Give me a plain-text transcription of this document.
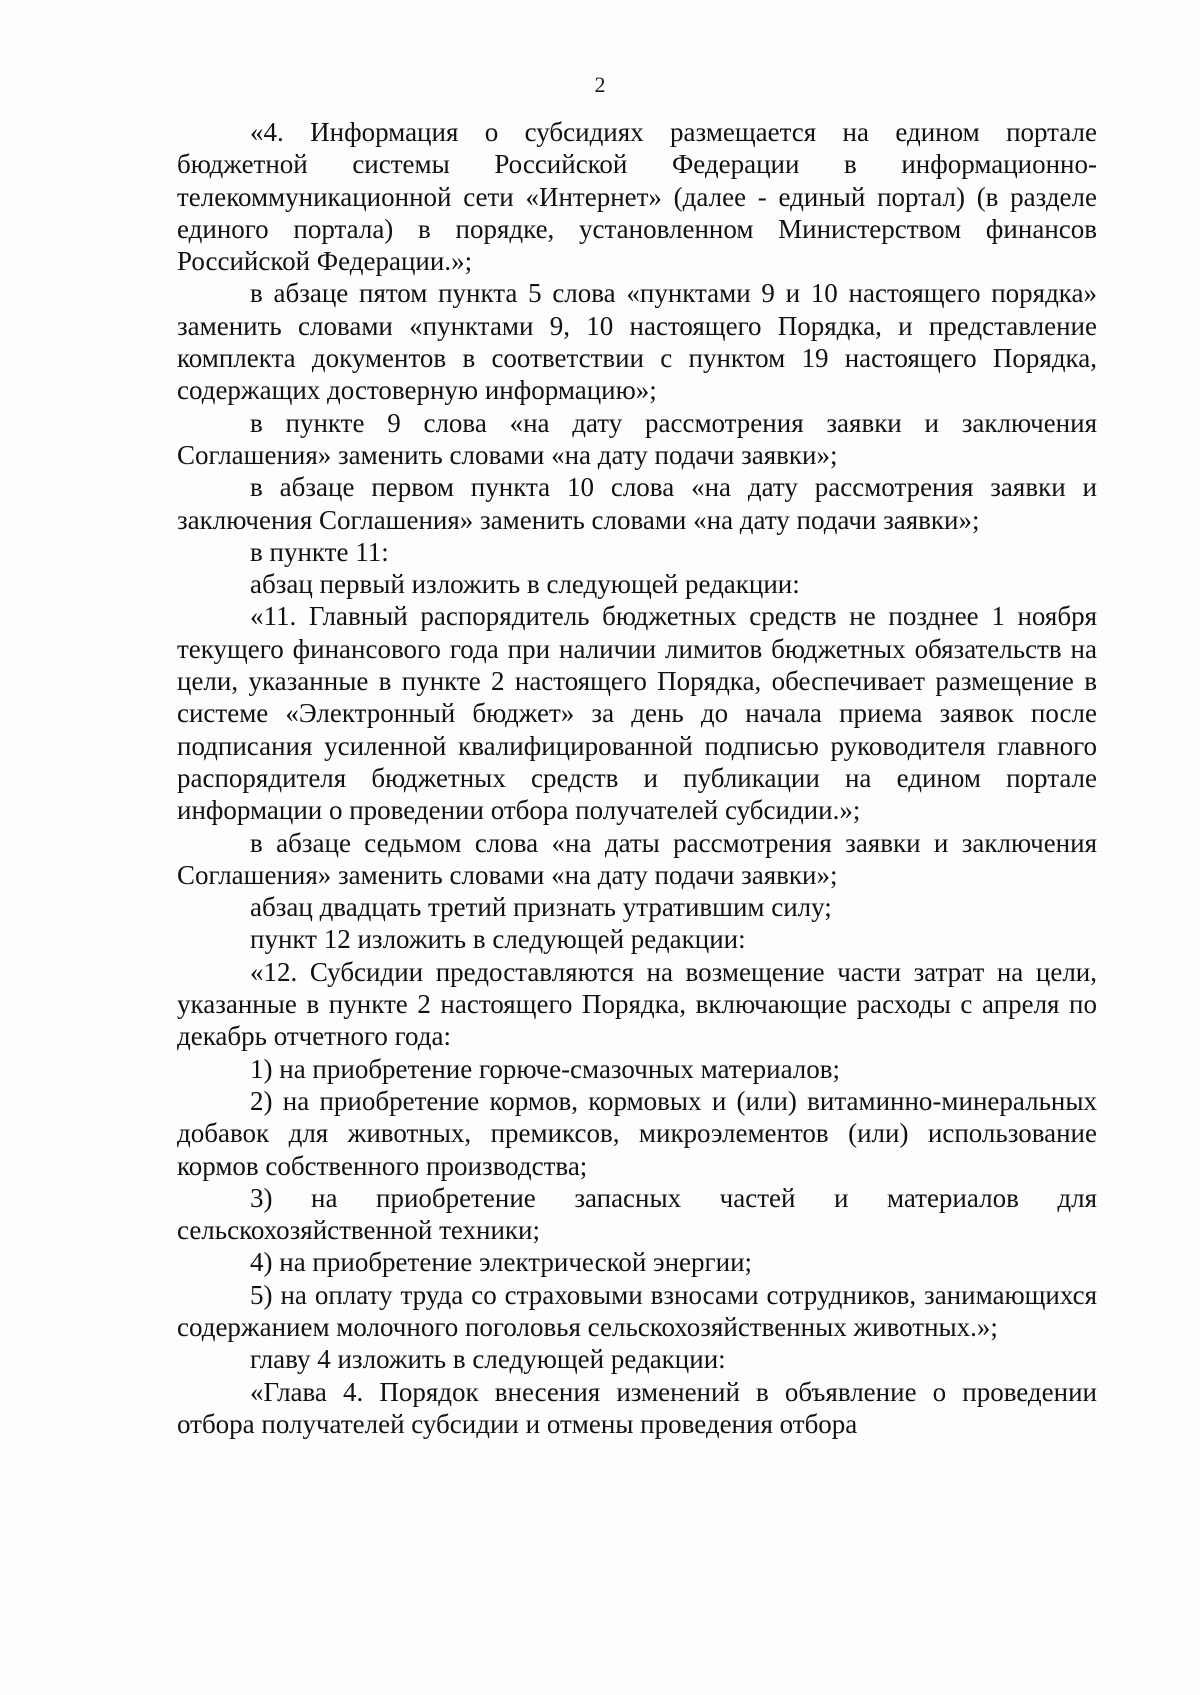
2

«4. Информация о субсидиях размещается на едином портале бюджетной системы Российской Федерации в информационно-телекоммуникационной сети «Интернет» (далее - единый портал) (в разделе единого портала) в порядке, установленном Министерством финансов Российской Федерации.»;

в абзаце пятом пункта 5 слова «пунктами 9 и 10 настоящего порядка» заменить словами «пунктами 9, 10 настоящего Порядка, и представление комплекта документов в соответствии с пунктом 19 настоящего Порядка, содержащих достоверную информацию»;

в пункте 9 слова «на дату рассмотрения заявки и заключения Соглашения» заменить словами «на дату подачи заявки»;

в абзаце первом пункта 10 слова «на дату рассмотрения заявки и заключения Соглашения» заменить словами «на дату подачи заявки»;

в пункте 11:

абзац первый изложить в следующей редакции:

«11. Главный распорядитель бюджетных средств не позднее 1 ноября текущего финансового года при наличии лимитов бюджетных обязательств на цели, указанные в пункте 2 настоящего Порядка, обеспечивает размещение в системе «Электронный бюджет» за день до начала приема заявок после подписания усиленной квалифицированной подписью руководителя главного распорядителя бюджетных средств и публикации на едином портале информации о проведении отбора получателей субсидии.»;

в абзаце седьмом слова «на даты рассмотрения заявки и заключения Соглашения» заменить словами «на дату подачи заявки»;

абзац двадцать третий признать утратившим силу;

пункт 12 изложить в следующей редакции:

«12. Субсидии предоставляются на возмещение части затрат на цели, указанные в пункте 2 настоящего Порядка, включающие расходы с апреля по декабрь отчетного года:

1) на приобретение горюче-смазочных материалов;

2) на приобретение кормов, кормовых и (или) витаминно-минеральных добавок для животных, премиксов, микроэлементов (или) использование кормов собственного производства;

3) на приобретение запасных частей и материалов для сельскохозяйственной техники;

4) на приобретение электрической энергии;

5) на оплату труда со страховыми взносами сотрудников, занимающихся содержанием молочного поголовья сельскохозяйственных животных.»;

главу 4 изложить в следующей редакции:

«Глава 4. Порядок внесения изменений в объявление о проведении отбора получателей субсидии и отмены проведения отбора
